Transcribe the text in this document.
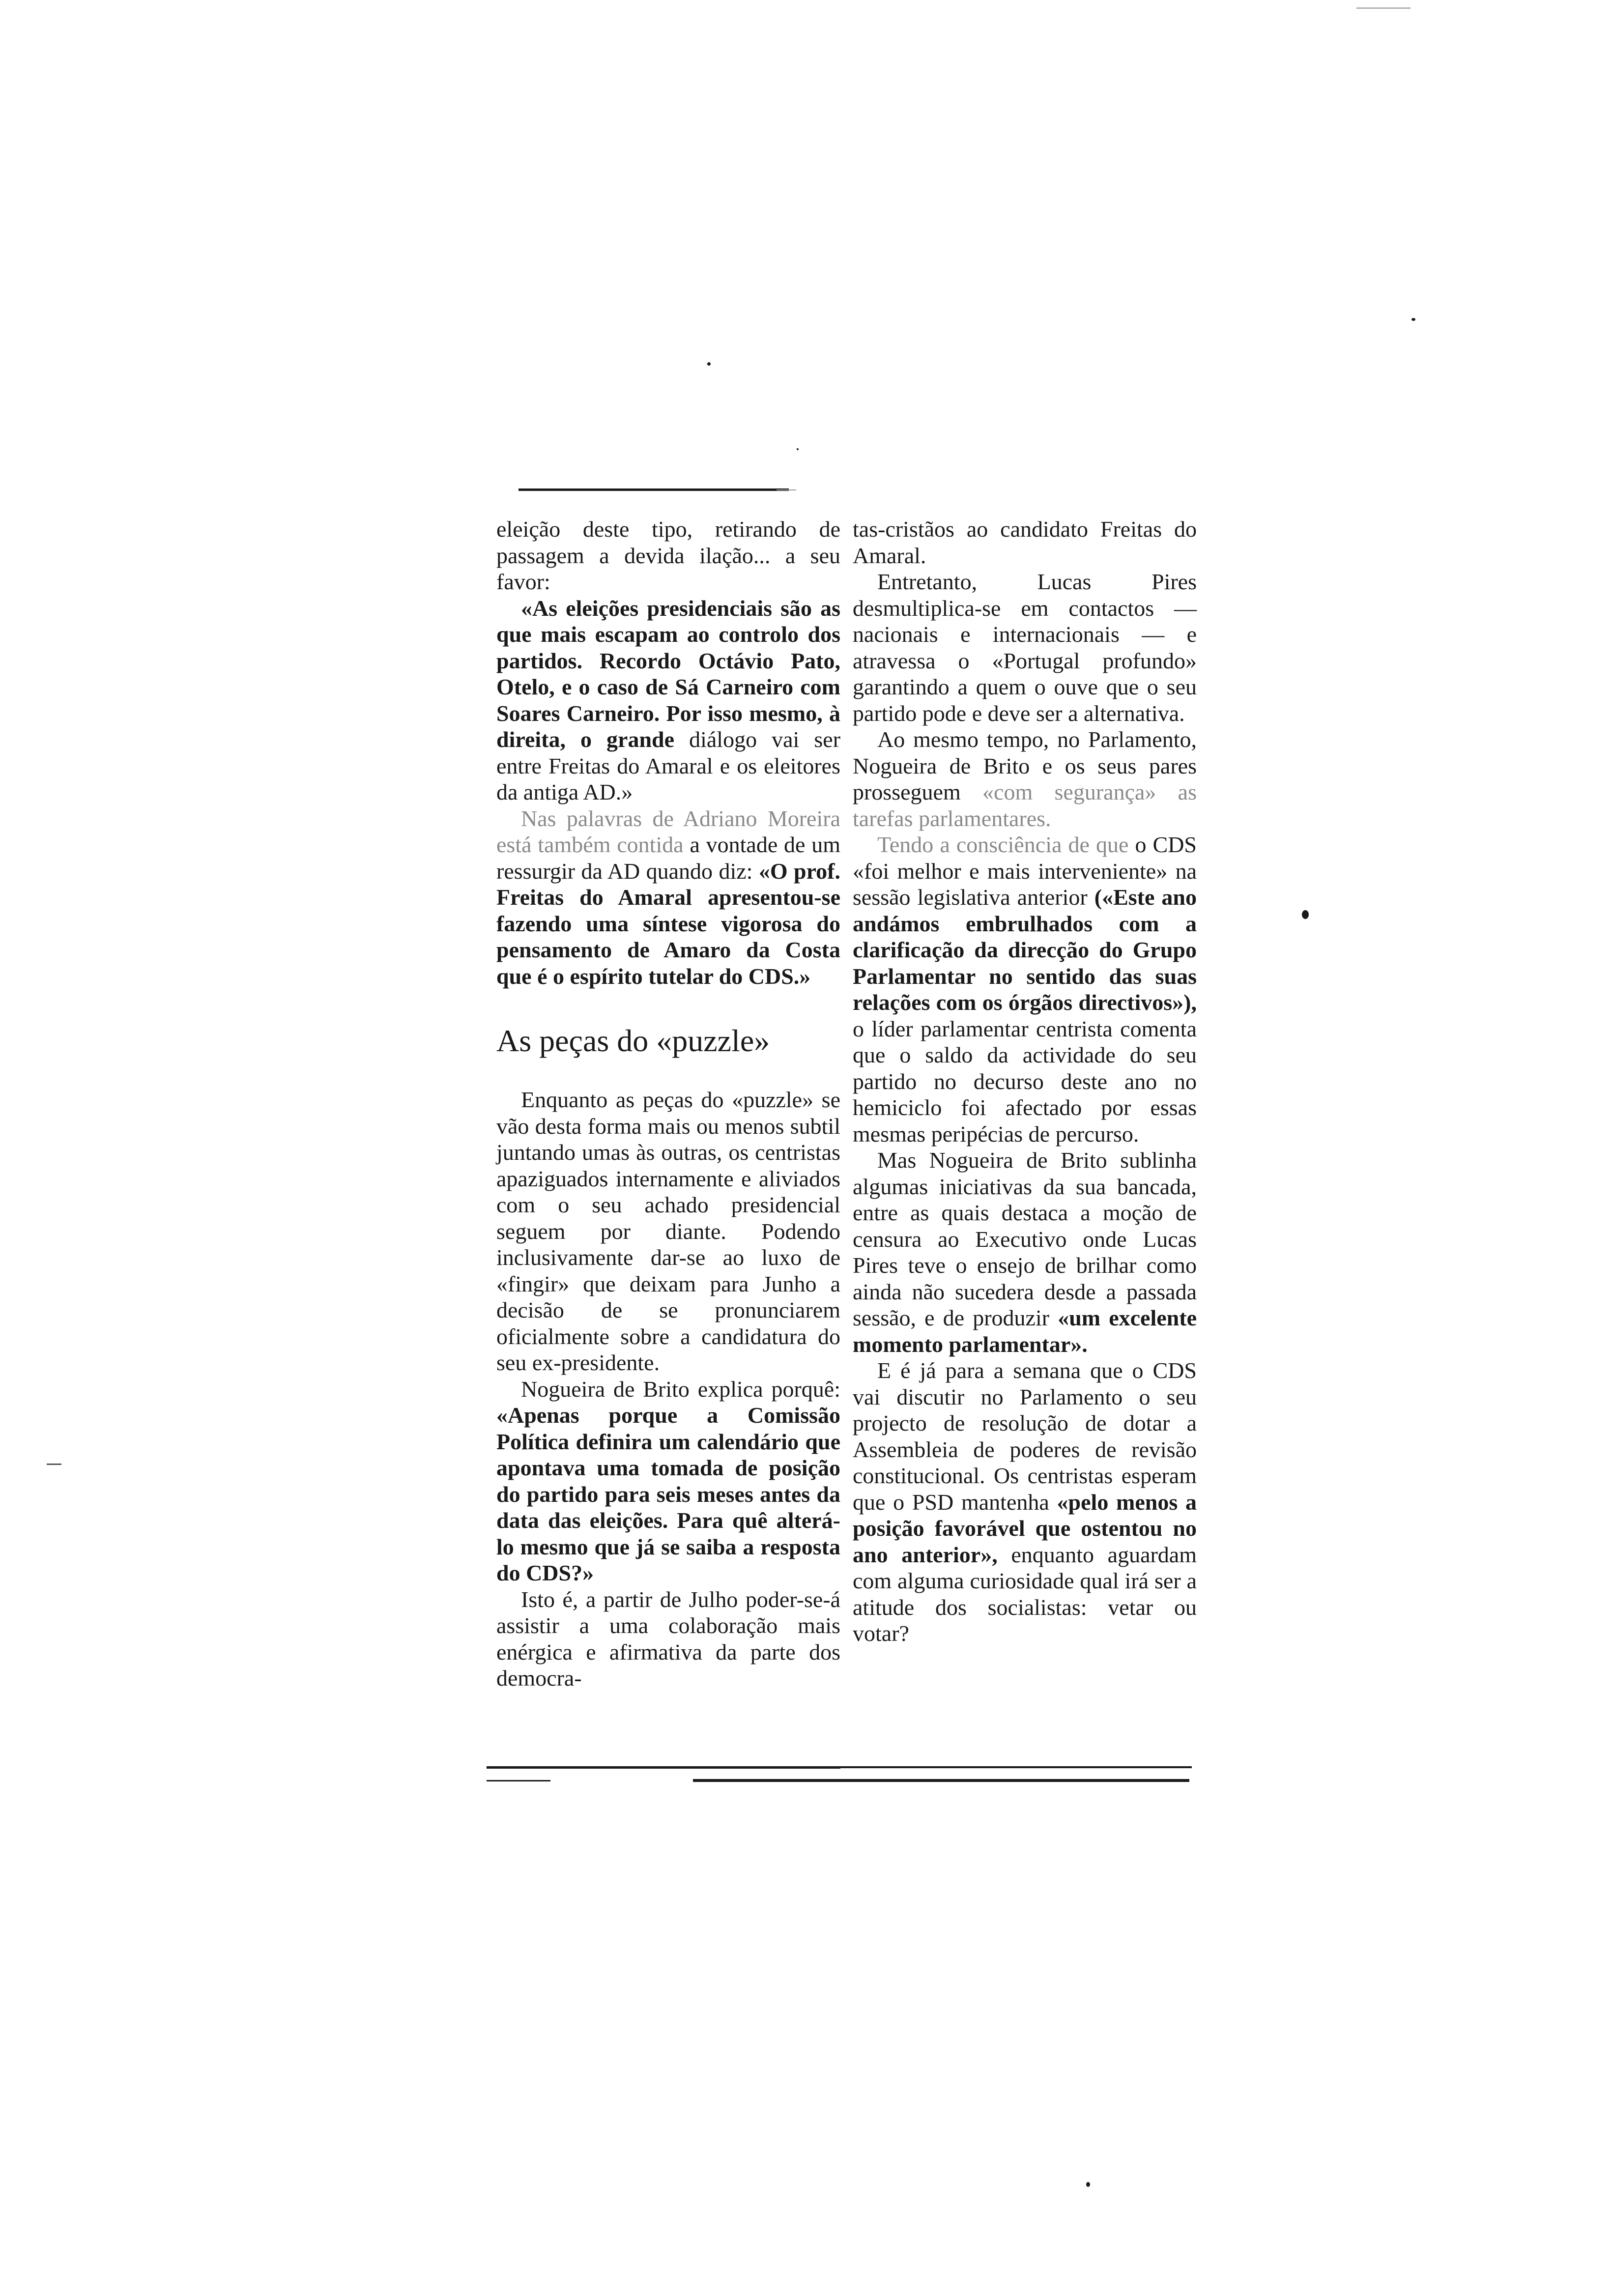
eleição deste tipo, retirando de passagem a devida ilação... a seu favor:

«As eleições presidenciais são as que mais escapam ao controlo dos partidos. Recordo Octávio Pato, Otelo, e o caso de Sá Carneiro com Soares Carneiro. Por isso mesmo, à direita, o grande diálogo vai ser entre Freitas do Amaral e os eleitores da antiga AD.»

Nas palavras de Adriano Moreira está também contida a vontade de um ressurgir da AD quando diz: «O prof. Freitas do Amaral apresentou-se fazendo uma síntese vigorosa do pensamento de Amaro da Costa que é o espírito tutelar do CDS.»

As peças do «puzzle»

Enquanto as peças do «puzzle» se vão desta forma mais ou menos subtil juntando umas às outras, os centristas apaziguados internamente e aliviados com o seu achado presidencial seguem por diante. Podendo inclusivamente dar-se ao luxo de «fingir» que deixam para Junho a decisão de se pronunciarem oficialmente sobre a candidatura do seu ex-presidente.

Nogueira de Brito explica porquê: «Apenas porque a Comissão Política definira um calendário que apontava uma tomada de posição do partido para seis meses antes da data das eleições. Para quê alterá-lo mesmo que já se saiba a resposta do CDS?»

Isto é, a partir de Julho poder-se-á assistir a uma colaboração mais enérgica e afirmativa da parte dos democra-

tas-cristãos ao candidato Freitas do Amaral.

Entretanto, Lucas Pires desmultiplica-se em contactos — nacionais e internacionais — e atravessa o «Portugal profundo» garantindo a quem o ouve que o seu partido pode e deve ser a alternativa.

Ao mesmo tempo, no Parlamento, Nogueira de Brito e os seus pares prosseguem «com segurança» as tarefas parlamentares.

Tendo a consciência de que o CDS «foi melhor e mais interveniente» na sessão legislativa anterior («Este ano andámos embrulhados com a clarificação da direcção do Grupo Parlamentar no sentido das suas relações com os órgãos directivos»), o líder parlamentar centrista comenta que o saldo da actividade do seu partido no decurso deste ano no hemiciclo foi afectado por essas mesmas peripécias de percurso.

Mas Nogueira de Brito sublinha algumas iniciativas da sua bancada, entre as quais destaca a moção de censura ao Executivo onde Lucas Pires teve o ensejo de brilhar como ainda não sucedera desde a passada sessão, e de produzir «um excelente momento parlamentar».

E é já para a semana que o CDS vai discutir no Parlamento o seu projecto de resolução de dotar a Assembleia de poderes de revisão constitucional. Os centristas esperam que o PSD mantenha «pelo menos a posição favorável que ostentou no ano anterior», enquanto aguardam com alguma curiosidade qual irá ser a atitude dos socialistas: vetar ou votar?
